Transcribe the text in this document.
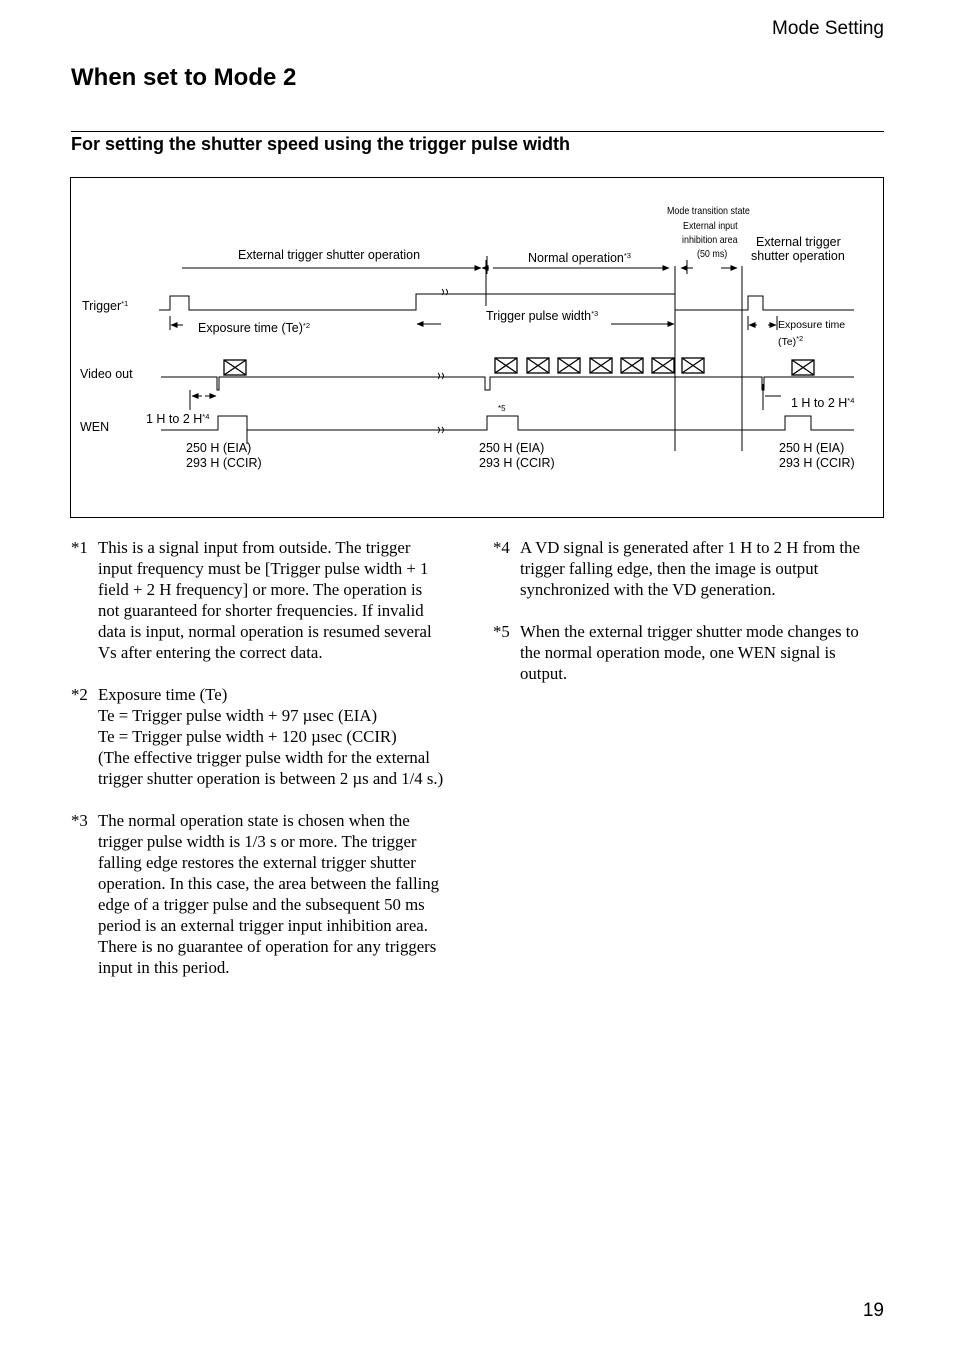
Mode Setting
When set to Mode 2
For setting the shutter speed using the trigger pulse width
Mode transition state
External input
inhibition area
(50 ms)
External trigger
shutter operation
External trigger shutter operation	Normal operation$^{*3}$
Trigger$^{*1}$
Exposure time $(Te)^{*2}$
Trigger pulse width$^{*3}$
Exposure time
$(Te)^{*2}$
Video out
1 H to 2 $H^{*4}$
1 H to 2 $H^{*4}$
*5
WEN
250 H (EIA)
293 H (CCIR)
250 H (EIA)
293 H (CCIR)
250 H (EIA)
293 H (CCIR)
*1 This is a signal input from outside. The trigger
input frequency must be [Trigger pulse width + 1
field + 2 H frequency] or more. The operation is
not guaranteed for shorter frequencies. If invalid
data is input, normal operation is resumed several
Vs after entering the correct data.
*2 Exposure time (Te)
Te = Trigger pulse width + 97 µsec (EIA)
Te = Trigger pulse width + 120 µsec (CCIR)
(The effective trigger pulse width for the external
trigger shutter operation is between 2 µs and 1/4 s.)
*3 The normal operation state is chosen when the
trigger pulse width is 1/3 s or more. The trigger
falling edge restores the external trigger shutter
operation. In this case, the area between the falling
edge of a trigger pulse and the subsequent 50 ms
period is an external trigger input inhibition area.
There is no guarantee of operation for any triggers
input in this period.
*4 A VD signal is generated after 1 H to 2 H from the
trigger falling edge, then the image is output
synchronized with the VD generation.
*5 When the external trigger shutter mode changes to
the normal operation mode, one WEN signal is
output.
19
